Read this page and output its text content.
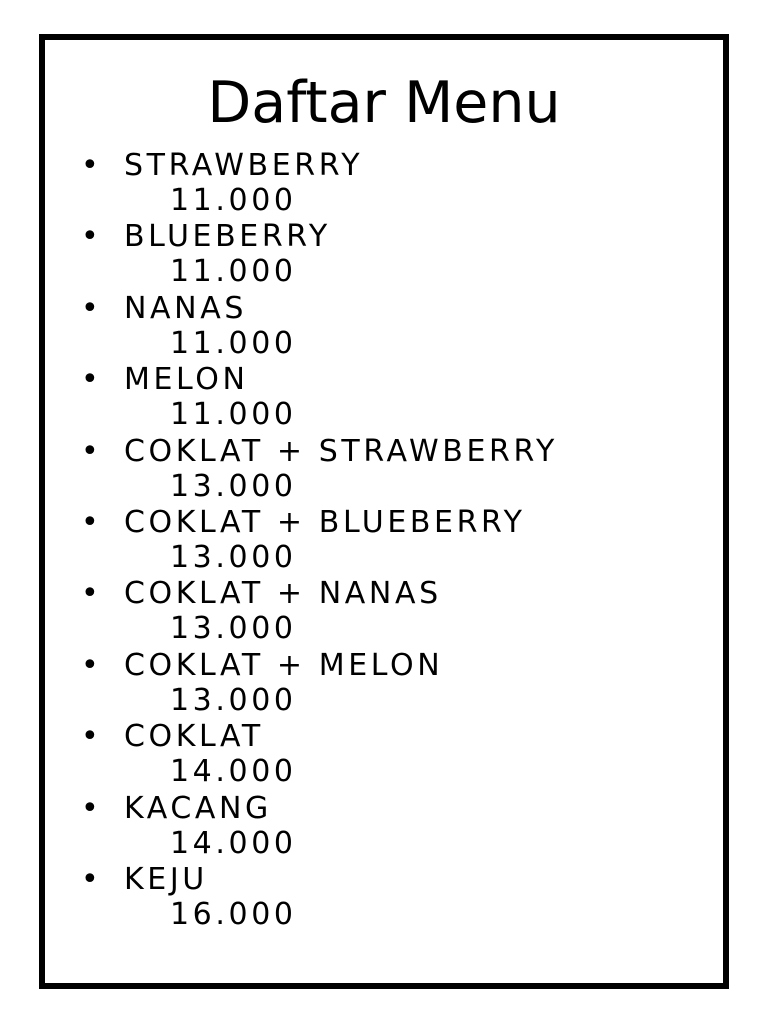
Daftar Menu
• STRAWBERRY
11.000
• BLUEBERRY
11.000
• NANAS
11.000
• MELON
11.000
• COKLAT + STRAWBERRY
13.000
• COKLAT + BLUEBERRY
13.000
• COKLAT + NANAS
13.000
• COKLAT + MELON
13.000
• COKLAT
14.000
• KACANG
14.000
• KEJU
16.000
